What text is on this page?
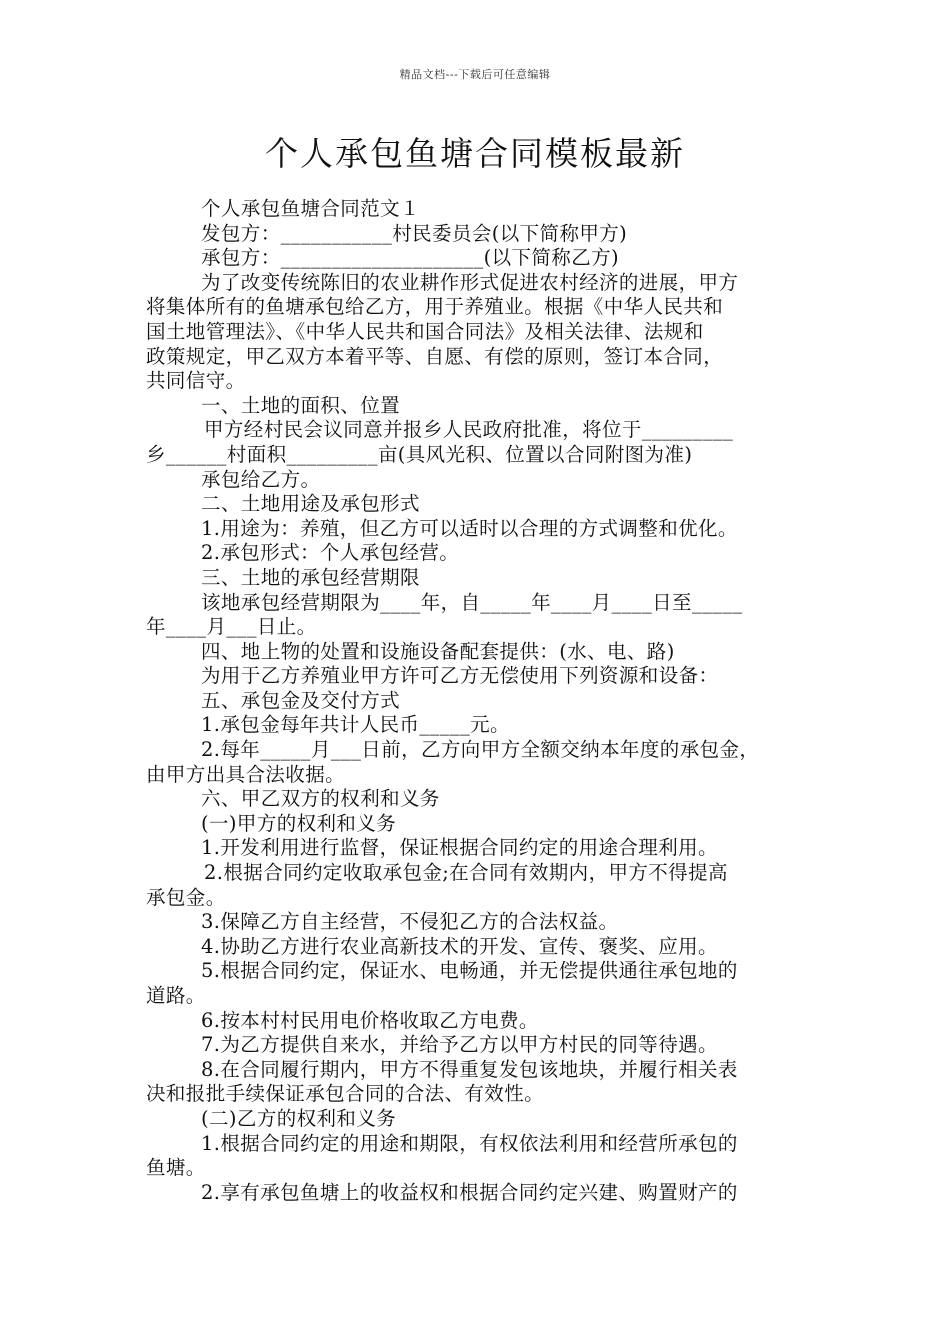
精品文档---下载后可任意编辑
个人承包鱼塘合同模板最新

个人承包鱼塘合同范文１

发包方：___________村民委员会(以下简称甲方)

承包方：____________________(以下简称乙方)

为了改变传统陈旧的农业耕作形式促进农村经济的进展，甲方

将集体所有的鱼塘承包给乙方，用于养殖业。根据《中华人民共和

国土地管理法》、《中华人民共和国合同法》及相关法律、法规和

政策规定，甲乙双方本着平等、自愿、有偿的原则，签订本合同，

共同信守。

一、土地的面积、位置

甲方经村民会议同意并报乡人民政府批准，将位于_________

乡______村面积_________亩(具风光积、位置以合同附图为准)

承包给乙方。

二、土地用途及承包形式

1.用途为：养殖，但乙方可以适时以合理的方式调整和优化。

2.承包形式：个人承包经营。

三、土地的承包经营期限

该地承包经营期限为____年，自_____年____月____日至_____

年____月___日止。

四、地上物的处置和设施设备配套提供：(水、电、路)

为用于乙方养殖业甲方许可乙方无偿使用下列资源和设备：

五、承包金及交付方式

1.承包金每年共计人民币_____元。

2.每年_____月___日前，乙方向甲方全额交纳本年度的承包金，

由甲方出具合法收据。

六、甲乙双方的权利和义务

(一)甲方的权利和义务

1.开发利用进行监督，保证根据合同约定的用途合理利用。

2.根据合同约定收取承包金;在合同有效期内，甲方不得提高

承包金。

3.保障乙方自主经营，不侵犯乙方的合法权益。

4.协助乙方进行农业高新技术的开发、宣传、褒奖、应用。

5.根据合同约定，保证水、电畅通，并无偿提供通往承包地的

道路。

6.按本村村民用电价格收取乙方电费。

7.为乙方提供自来水，并给予乙方以甲方村民的同等待遇。

8.在合同履行期内，甲方不得重复发包该地块，并履行相关表

决和报批手续保证承包合同的合法、有效性。

(二)乙方的权利和义务

1.根据合同约定的用途和期限，有权依法利用和经营所承包的

鱼塘。

2.享有承包鱼塘上的收益权和根据合同约定兴建、购置财产的
